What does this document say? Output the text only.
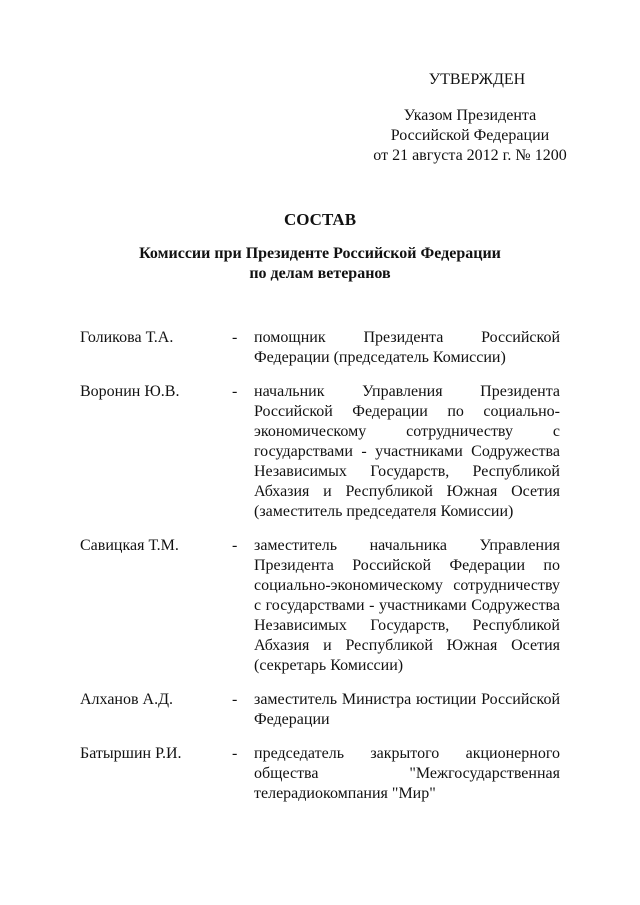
УТВЕРЖДЕН
Указом Президента
Российской Федерации
от 21 августа 2012 г. № 1200
СОСТАВ
Комиссии при Президенте Российской Федерации
по делам ветеранов
Голикова Т.А.	-	помощник Президента Российской Федерации (председатель Комиссии)
Воронин Ю.В.	-	начальник Управления Президента Российской Федерации по социально-экономическому сотрудничеству с государствами - участниками Содружества Независимых Государств, Республикой Абхазия и Республикой Южная Осетия (заместитель председателя Комиссии)
Савицкая Т.М.	-	заместитель начальника Управления Президента Российской Федерации по социально-экономическому сотрудничеству с государствами - участниками Содружества Независимых Государств, Республикой Абхазия и Республикой Южная Осетия (секретарь Комиссии)
Алханов А.Д.	-	заместитель Министра юстиции Российской Федерации
Батыршин Р.И.	-	председатель закрытого акционерного общества "Межгосударственная телерадиокомпания "Мир"
